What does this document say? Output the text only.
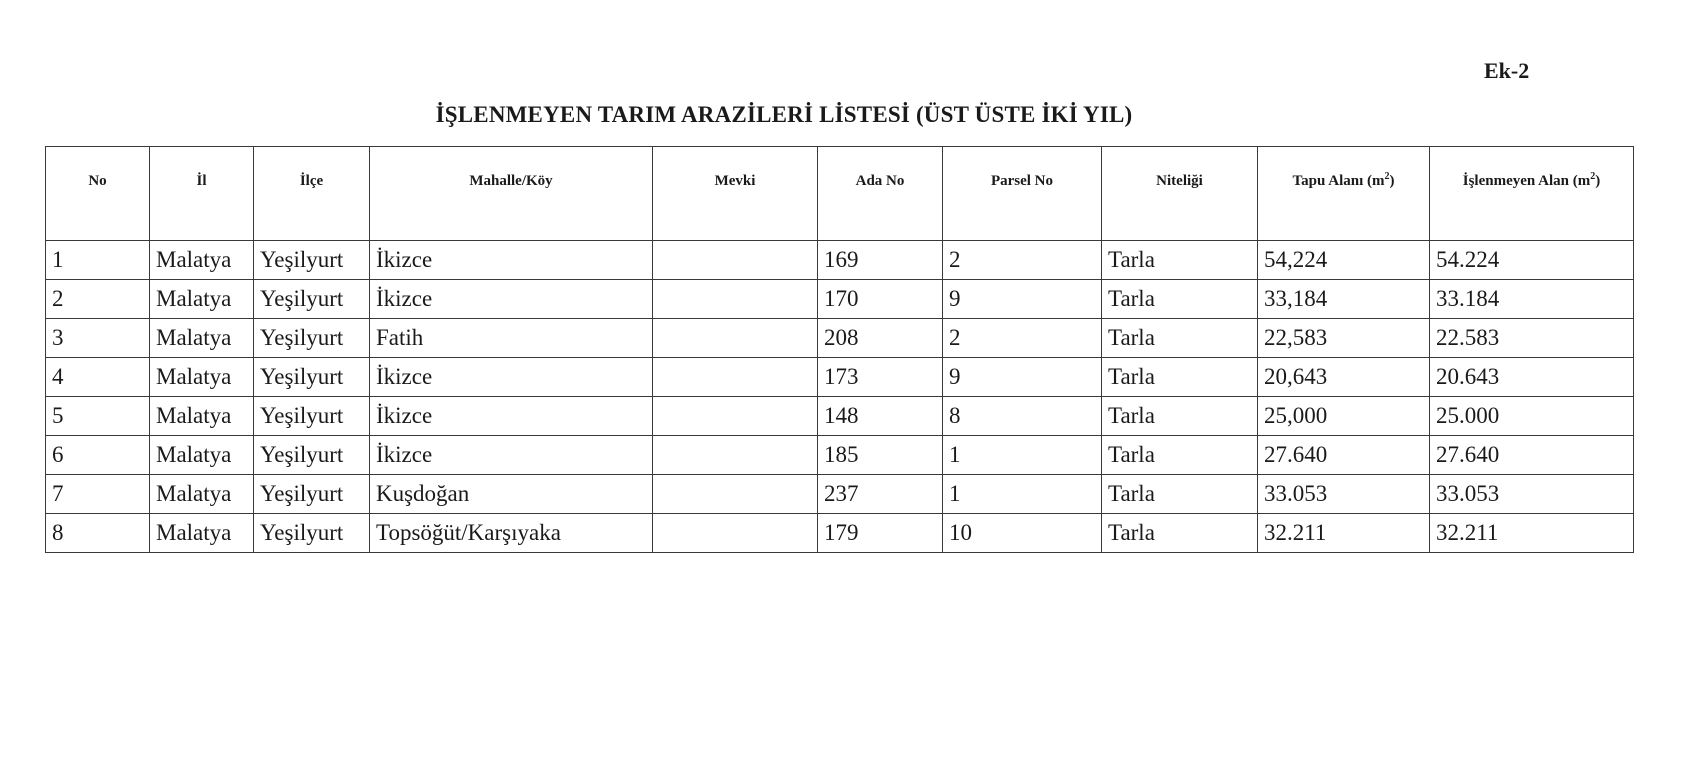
Ek-2
İŞLENMEYEN TARIM ARAZİLERİ LİSTESİ (ÜST ÜSTE İKİ YIL)
No	İl	İlçe	Mahalle/Köy	Mevki	Ada No	Parsel No	Niteliği	Tapu Alanı $(m^2)$	İşlenmeyen Alan $(m^2)$
1	Malatya	Yeşilyurt	İkizce		169	2	Tarla	54,224	54.224
2	Malatya	Yeşilyurt	İkizce		170	9	Tarla	33,184	33.184
3	Malatya	Yeşilyurt	Fatih		208	2	Tarla	22,583	22.583
4	Malatya	Yeşilyurt	İkizce		173	9	Tarla	20,643	20.643
5	Malatya	Yeşilyurt	İkizce		148	8	Tarla	25,000	25.000
6	Malatya	Yeşilyurt	İkizce		185	1	Tarla	27.640	27.640
7	Malatya	Yeşilyurt	Kuşdoğan		237	1	Tarla	33.053	33.053
8	Malatya	Yeşilyurt	Topsöğüt/Karşıyaka		179	10	Tarla	32.211	32.211
